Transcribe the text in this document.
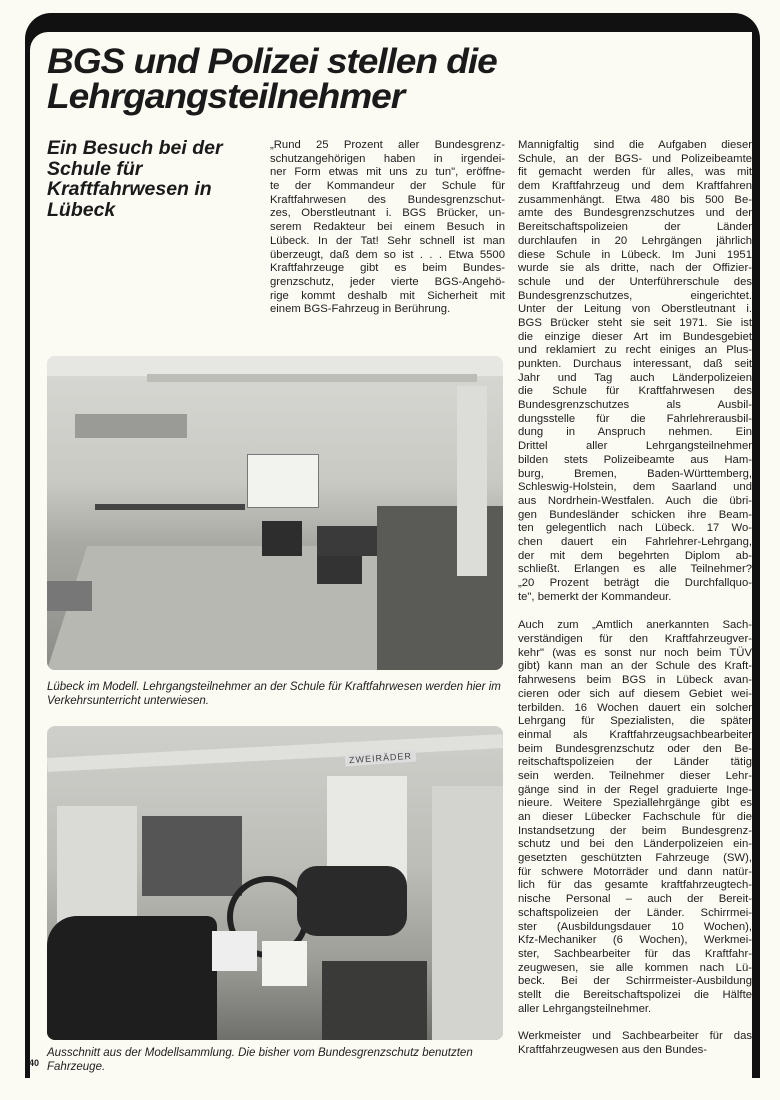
BGS und Polizei stellen die
Lehrgangsteilnehmer
Ein Besuch bei der Schule für Kraftfahrwesen in Lübeck
„Rund 25 Prozent aller Bundesgrenz-
schutzangehörigen haben in irgendei-
ner Form etwas mit uns zu tun", eröffne-
te der Kommandeur der Schule für
Kraftfahrwesen des Bundesgrenzschut-
zes, Oberstleutnant i. BGS Brücker, un-
serem Redakteur bei einem Besuch in
Lübeck. In der Tat! Sehr schnell ist man
überzeugt, daß dem so ist . . . Etwa 5500
Kraftfahrzeuge gibt es beim Bundes-
grenzschutz, jeder vierte BGS-Angehö-
rige kommt deshalb mit Sicherheit mit
einem BGS-Fahrzeug in Berührung.
Mannigfaltig sind die Aufgaben dieser
Schule, an der BGS- und Polizeibeamte
fit gemacht werden für alles, was mit
dem Kraftfahrzeug und dem Kraftfahren
zusammenhängt. Etwa 480 bis 500 Be-
amte des Bundesgrenzschutzes und der
Bereitschaftspolizeien der Länder
durchlaufen in 20 Lehrgängen jährlich
diese Schule in Lübeck. Im Juni 1951
wurde sie als dritte, nach der Offizier-
schule und der Unterführerschule des
Bundesgrenzschutzes, eingerichtet.
Unter der Leitung von Oberstleutnant i.
BGS Brücker steht sie seit 1971. Sie ist
die einzige dieser Art im Bundesgebiet
und reklamiert zu recht einiges an Plus-
punkten. Durchaus interessant, daß seit
Jahr und Tag auch Länderpolizeien
die Schule für Kraftfahrwesen des
Bundesgrenzschutzes als Ausbil-
dungsstelle für die Fahrlehrerausbil-
dung in Anspruch nehmen. Ein
Drittel aller Lehrgangsteilnehmer
bilden stets Polizeibeamte aus Ham-
burg, Bremen, Baden-Württemberg,
Schleswig-Holstein, dem Saarland und
aus Nordrhein-Westfalen. Auch die übri-
gen Bundesländer schicken ihre Beam-
ten gelegentlich nach Lübeck. 17 Wo-
chen dauert ein Fahrlehrer-Lehrgang,
der mit dem begehrten Diplom ab-
schließt. Erlangen es alle Teilnehmer?
„20 Prozent beträgt die Durchfallquo-
te", bemerkt der Kommandeur.
Auch zum „Amtlich anerkannten Sach-
verständigen für den Kraftfahrzeugver-
kehr" (was es sonst nur noch beim TÜV
gibt) kann man an der Schule des Kraft-
fahrwesens beim BGS in Lübeck avan-
cieren oder sich auf diesem Gebiet wei-
terbilden. 16 Wochen dauert ein solcher
Lehrgang für Spezialisten, die später
einmal als Kraftfahrzeugsachbearbeiter
beim Bundesgrenzschutz oder den Be-
reitschaftspolizeien der Länder tätig
sein werden. Teilnehmer dieser Lehr-
gänge sind in der Regel graduierte Inge-
nieure. Weitere Speziallehrgänge gibt es
an dieser Lübecker Fachschule für die
Instandsetzung der beim Bundesgrenz-
schutz und bei den Länderpolizeien ein-
gesetzten geschützten Fahrzeuge (SW),
für schwere Motorräder und dann natür-
lich für das gesamte kraftfahrzeugtech-
nische Personal – auch der Bereit-
schaftspolizeien der Länder. Schirrmei-
ster (Ausbildungsdauer 10 Wochen),
Kfz-Mechaniker (6 Wochen), Werkmei-
ster, Sachbearbeiter für das Kraftfahr-
zeugwesen, sie alle kommen nach Lü-
beck. Bei der Schirrmeister-Ausbildung
stellt die Bereitschaftspolizei die Hälfte
aller Lehrgangsteilnehmer.
Werkmeister und Sachbearbeiter für das
Kraftfahrzeugwesen aus den Bundes-

Lübeck im Modell. Lehrgangsteilnehmer an der Schule für Kraftfahrwesen werden hier im Verkehrsunterricht unterwiesen.

ZWEIRÄDER

Ausschnitt aus der Modellsammlung. Die bisher vom Bundesgrenzschutz benutzten Fahrzeuge.

40
